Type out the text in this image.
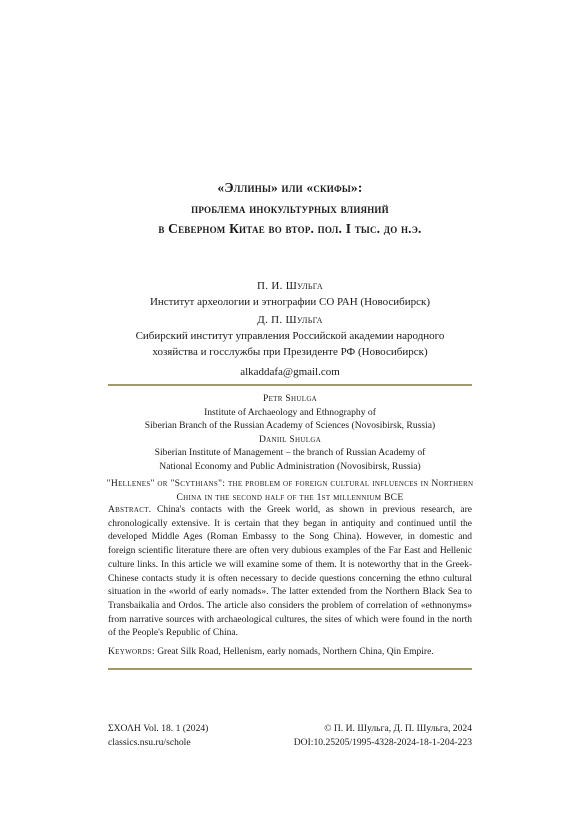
«Эллины» или «скифы»:
проблема инокультурных влияний
в Северном Китае во втор. пол. I тыс. до н.э.
П. И. Шульга
Институт археологии и этнографии СО РАН (Новосибирск)
Д. П. Шульга
Сибирский институт управления Российской академии народного
хозяйства и госслужбы при Президенте РФ (Новосибирск)
alkaddafa@gmail.com
Petr Shulga
Institute of Archaeology and Ethnography of
Siberian Branch of the Russian Academy of Sciences (Novosibirsk, Russia)
Daniil Shulga
Siberian Institute of Management – the branch of Russian Academy of
National Economy and Public Administration (Novosibirsk, Russia)
"Hellenes" or "Scythians": the problem of foreign cultural influences in Northern
China in the second half of the 1st millennium BCE
Abstract. China's contacts with the Greek world, as shown in previous research, are chronologically extensive. It is certain that they began in antiquity and continued until the developed Middle Ages (Roman Embassy to the Song China). However, in domestic and foreign scientific literature there are often very dubious examples of the Far East and Hellenic culture links. In this article we will examine some of them. It is noteworthy that in the Greek-Chinese contacts study it is often necessary to decide questions concerning the ethno cultural situation in the «world of early nomads». The latter extended from the Northern Black Sea to Transbaikalia and Ordos. The article also considers the problem of correlation of «ethnonyms» from narrative sources with archaeological cultures, the sites of which were found in the north of the People's Republic of China.
Keywords: Great Silk Road, Hellenism, early nomads, Northern China, Qin Empire.
ΣΧΟΛΗ Vol. 18. 1 (2024)
classics.nsu.ru/schole
© П. И. Шульга, Д. П. Шульга, 2024
DOI:10.25205/1995-4328-2024-18-1-204-223
